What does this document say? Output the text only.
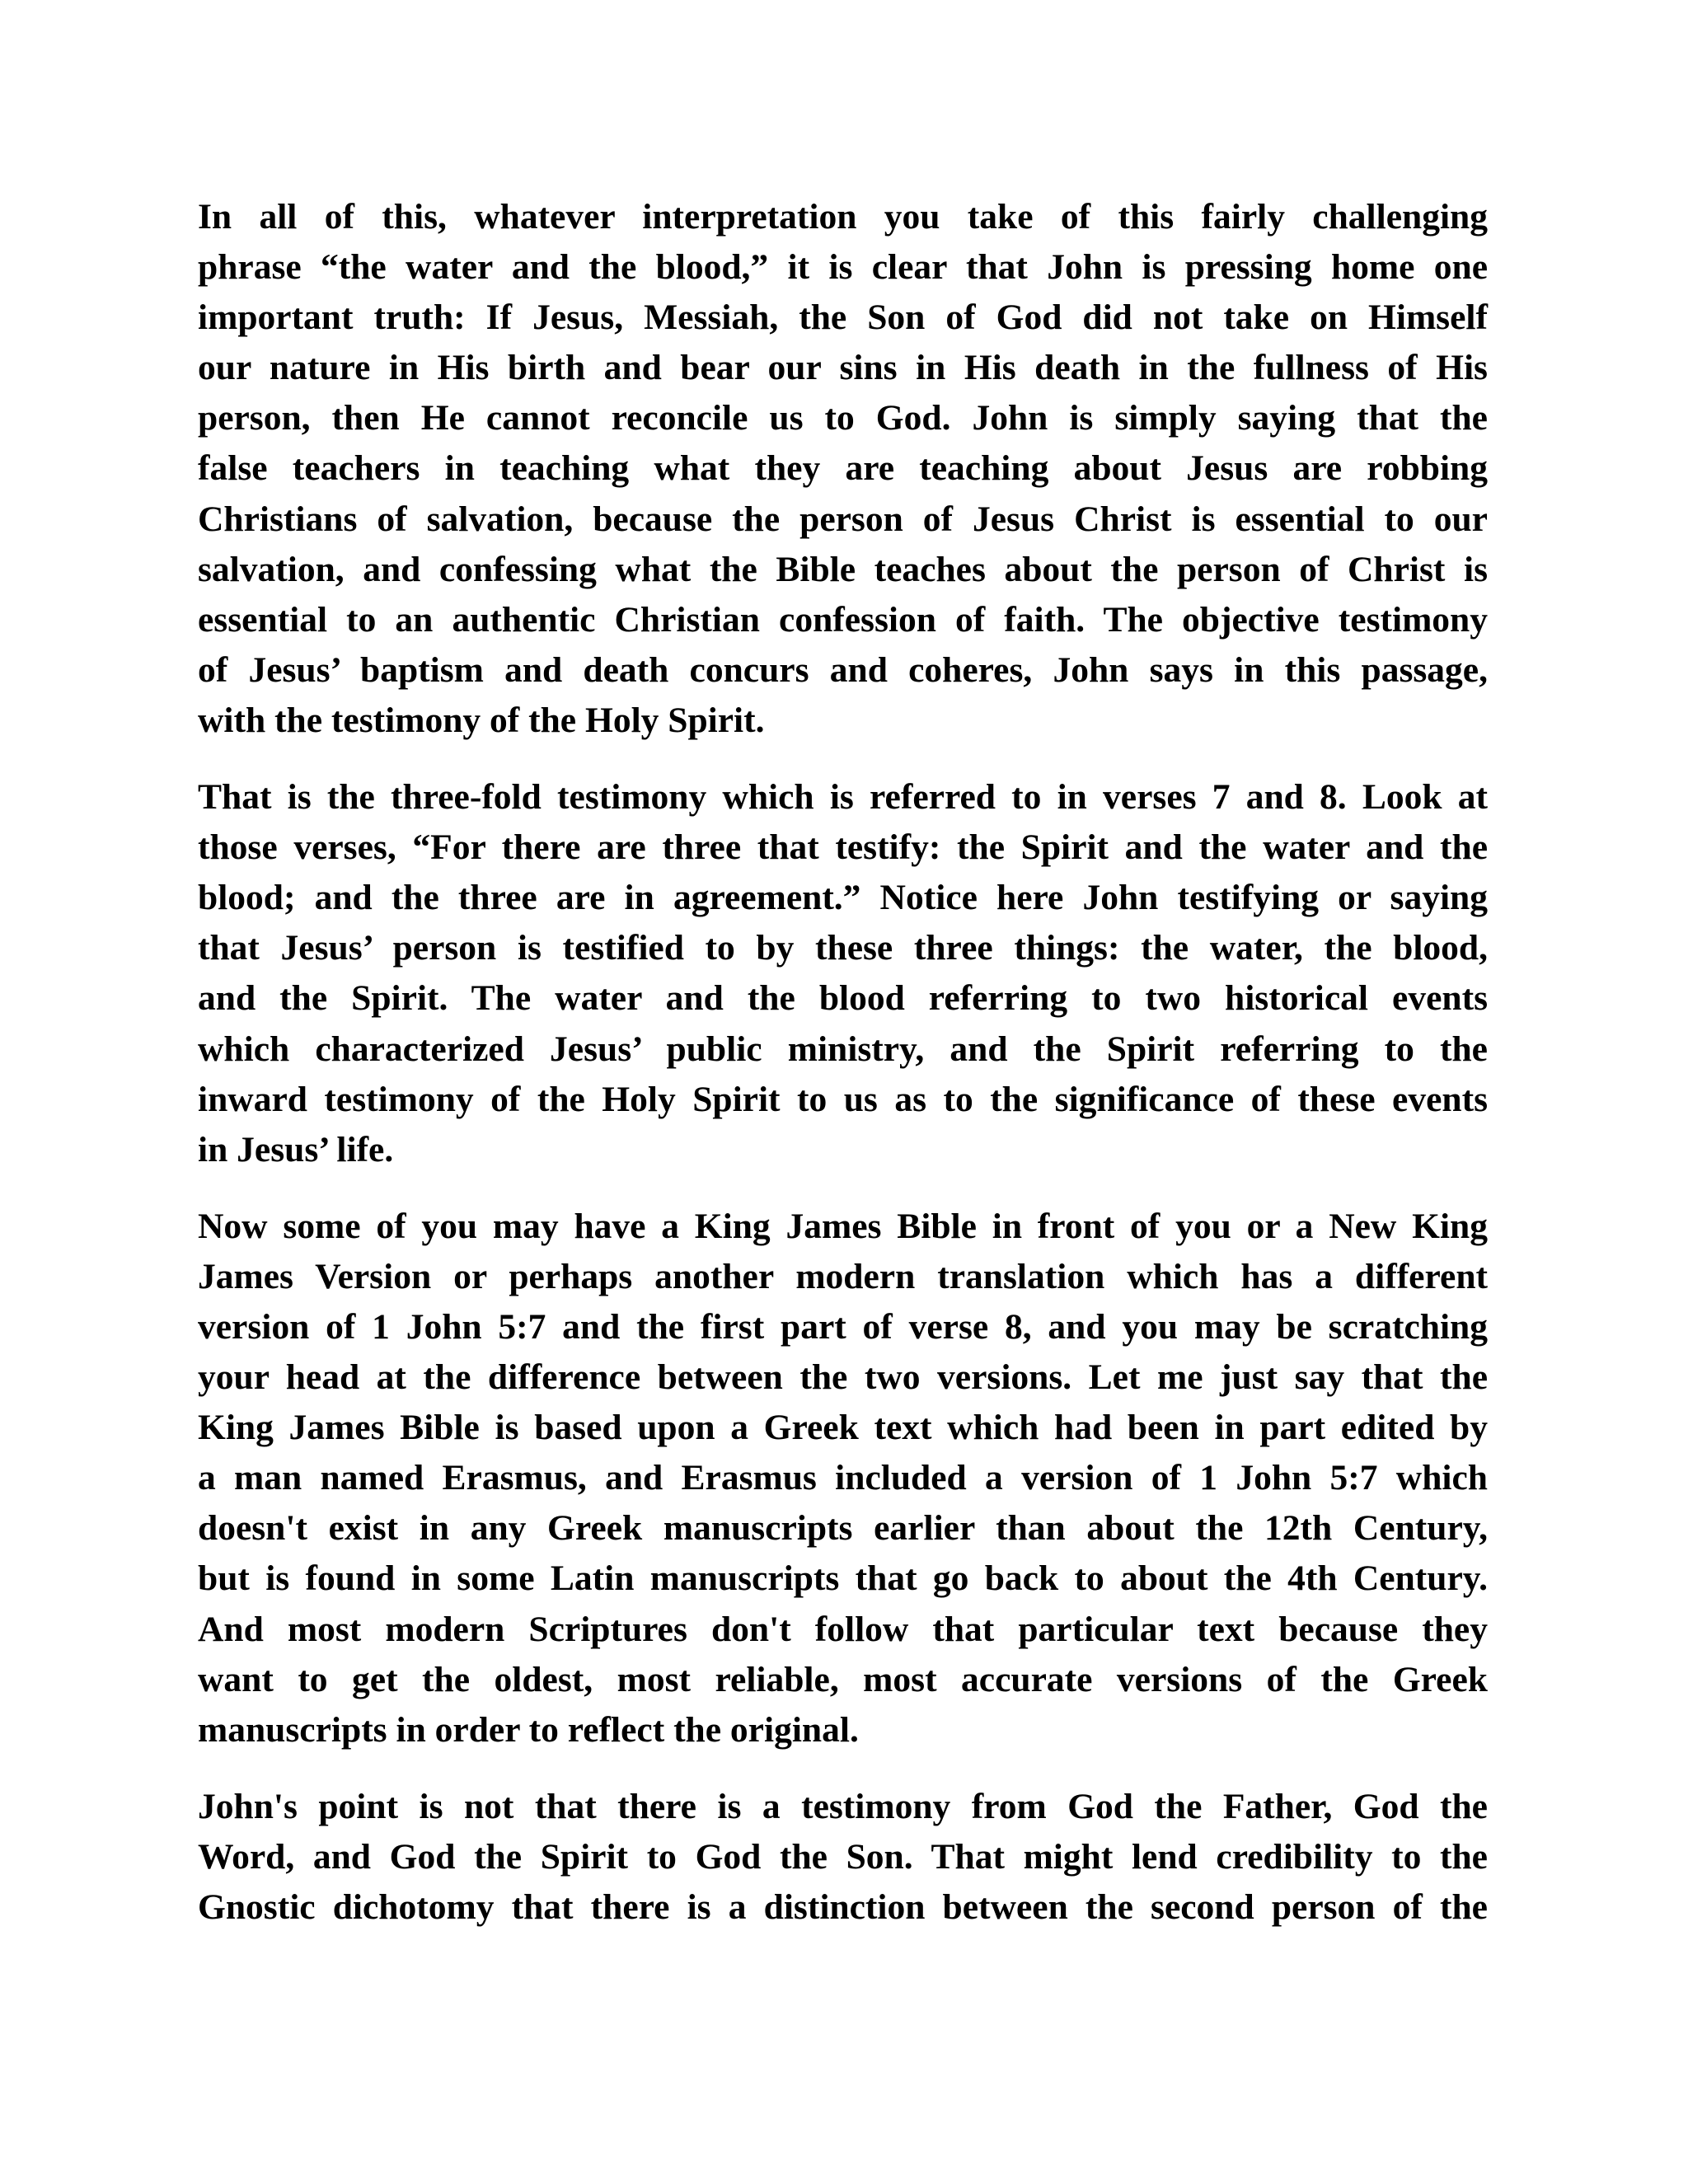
In all of this, whatever interpretation you take of this fairly challenging
phrase “the water and the blood,” it is clear that John is pressing home one
important truth: If Jesus, Messiah, the Son of God did not take on Himself
our nature in His birth and bear our sins in His death in the fullness of His
person, then He cannot reconcile us to God. John is simply saying that the
false teachers in teaching what they are teaching about Jesus are robbing
Christians of salvation, because the person of Jesus Christ is essential to our
salvation, and confessing what the Bible teaches about the person of Christ is
essential to an authentic Christian confession of faith. The objective testimony
of Jesus’ baptism and death concurs and coheres, John says in this passage,
with the testimony of the Holy Spirit.

That is the three-fold testimony which is referred to in verses 7 and 8. Look at
those verses, “For there are three that testify: the Spirit and the water and the
blood; and the three are in agreement.” Notice here John testifying or saying
that Jesus’ person is testified to by these three things: the water, the blood,
and the Spirit. The water and the blood referring to two historical events
which characterized Jesus’ public ministry, and the Spirit referring to the
inward testimony of the Holy Spirit to us as to the significance of these events
in Jesus’ life.

Now some of you may have a King James Bible in front of you or a New King
James Version or perhaps another modern translation which has a different
version of 1 John 5:7 and the first part of verse 8, and you may be scratching
your head at the difference between the two versions. Let me just say that the
King James Bible is based upon a Greek text which had been in part edited by
a man named Erasmus, and Erasmus included a version of 1 John 5:7 which
doesn't exist in any Greek manuscripts earlier than about the 12th Century,
but is found in some Latin manuscripts that go back to about the 4th Century.
And most modern Scriptures don't follow that particular text because they
want to get the oldest, most reliable, most accurate versions of the Greek
manuscripts in order to reflect the original.

John's point is not that there is a testimony from God the Father, God the
Word, and God the Spirit to God the Son. That might lend credibility to the
Gnostic dichotomy that there is a distinction between the second person of the
